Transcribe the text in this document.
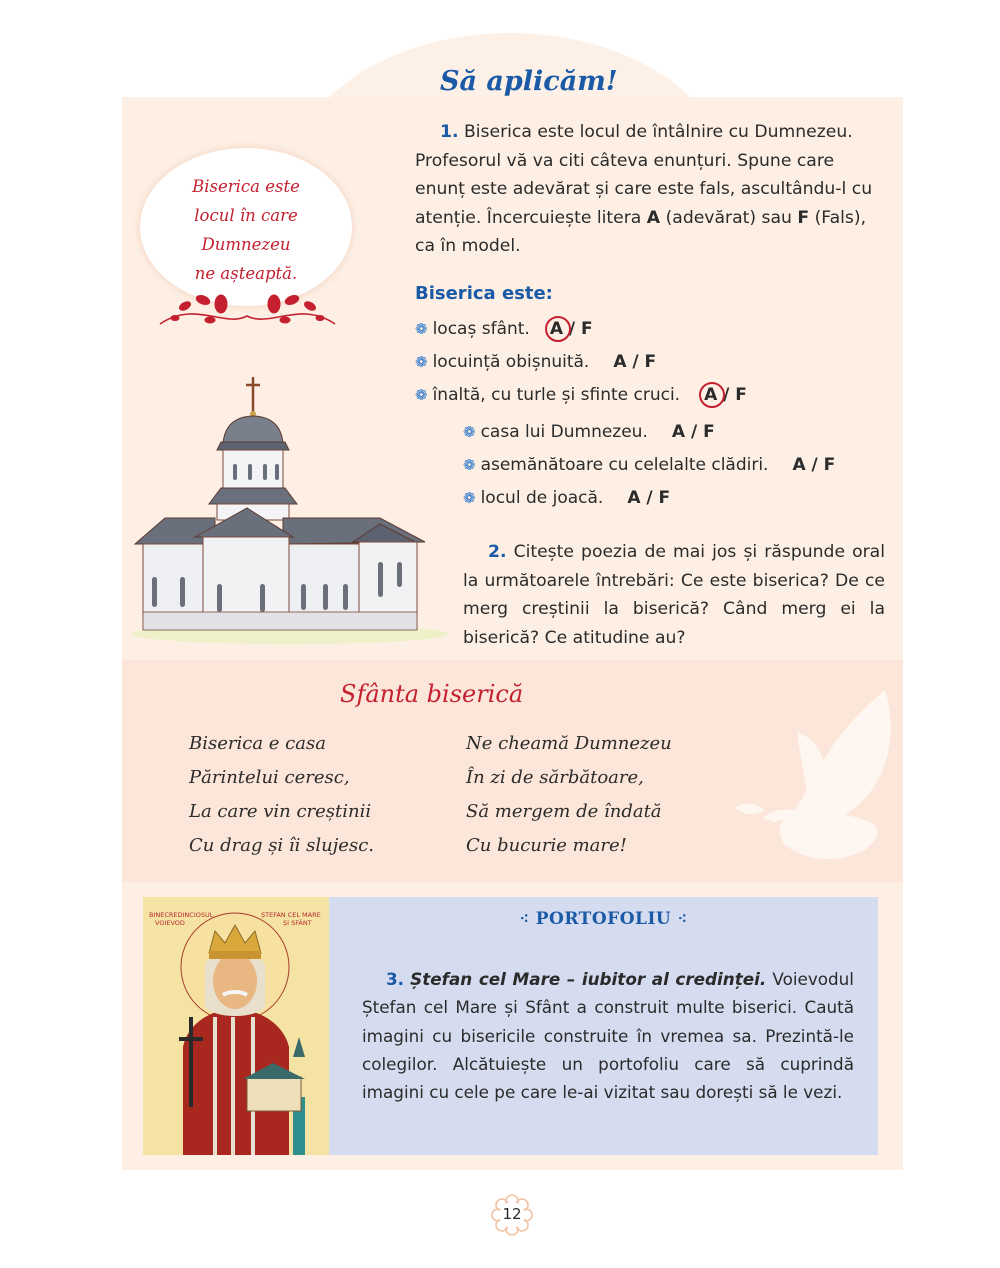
Să aplicăm!
Biserica este
locul în care
Dumnezeu
ne așteaptă.
1. Biserica este locul de întâlnire cu Dumnezeu. Profesorul vă va citi câteva enunțuri. Spune care enunț este adevărat și care este fals, ascultându-l cu atenție. Încercuiește litera A (adevărat) sau F (Fals), ca în model.
Biserica este:
❁ locaș sfânt. A / F
❁ locuință obișnuită. A / F
❁ înaltă, cu turle și sfinte cruci. A / F
❁ casa lui Dumnezeu. A / F
❁ asemănătoare cu celelalte clădiri. A / F
❁ locul de joacă. A / F
2. Citește poezia de mai jos și răspunde oral la următoarele întrebări: Ce este biserica? De ce merg creștinii la biserică? Când merg ei la biserică? Ce atitudine au?
Sfânta biserică
Biserica e casa
Părintelui ceresc,
La care vin creștinii
Cu drag și îi slujesc.
Ne cheamă Dumnezeu
În zi de sărbătoare,
Să mergem de îndată
Cu bucurie mare!
BINECREDINCIOSUL
VOIEVOD
ȘTEFAN CEL MARE
ȘI SFÂNT	⁖ PORTOFOLIU ⁖
3. Ștefan cel Mare – iubitor al credinței. Voievodul Ștefan cel Mare și Sfânt a construit multe biserici. Caută imagini cu bisericile construite în vremea sa. Prezintă-le colegilor. Alcătuiește un portofoliu care să cuprindă imagini cu cele pe care le-ai vizitat sau dorești să le vezi.
12
